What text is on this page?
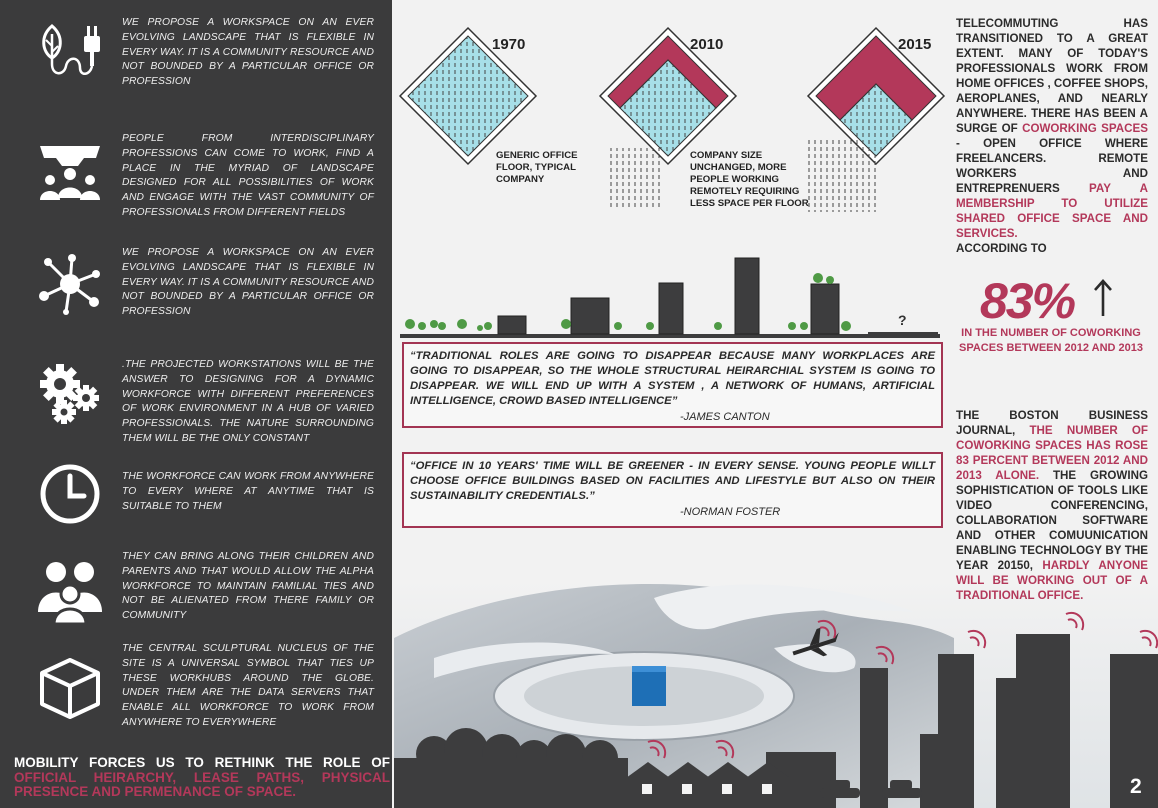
WE PROPOSE A WORKSPACE ON AN EVER EVOLVING LANDSCAPE THAT IS FLEXIBLE IN EVERY WAY. IT IS A COMMUNITY RESOURCE AND NOT BOUNDED BY A PARTICULAR OFFICE OR PROFESSION
PEOPLE FROM INTERDISCIPLINARY PROFESSIONS CAN COME TO WORK, FIND A PLACE IN THE MYRIAD OF LANDSCAPE DESIGNED FOR ALL POSSIBILITIES OF WORK AND ENGAGE WITH THE VAST COMMUNITY OF PROFESSIONALS FROM DIFFERENT FIELDS
WE PROPOSE A WORKSPACE ON AN EVER EVOLVING LANDSCAPE THAT IS FLEXIBLE IN EVERY WAY. IT IS A COMMUNITY RESOURCE AND NOT BOUNDED BY A PARTICULAR OFFICE OR PROFESSION
.THE PROJECTED WORKSTATIONS WILL BE THE ANSWER TO DESIGNING FOR A DYNAMIC WORKFORCE WITH DIFFERENT PREFERENCES OF WORK ENVIRONMENT IN A HUB OF VARIED PROFESSIONALS. THE NATURE SURROUNDING THEM WILL BE THE ONLY CONSTANT
THE WORKFORCE CAN WORK FROM ANYWHERE TO EVERY WHERE AT ANYTIME THAT IS SUITABLE TO THEM
THEY CAN BRING ALONG THEIR CHILDREN AND PARENTS AND THAT WOULD ALLOW THE ALPHA WORKFORCE TO MAINTAIN FAMILIAL TIES AND NOT BE ALIENATED FROM THERE FAMILY OR COMMUNITY
THE CENTRAL SCULPTURAL NUCLEUS OF THE SITE IS A UNIVERSAL SYMBOL THAT TIES UP THESE WORKHUBS AROUND THE GLOBE. UNDER THEM ARE THE DATA SERVERS THAT ENABLE ALL WORKFORCE TO WORK FROM ANYWHERE TO EVERYWHERE
MOBILITY FORCES US TO RETHINK THE ROLE OF OFFICIAL HEIRARCHY, LEASE PATHS, PHYSICAL PRESENCE AND PERMENANCE OF SPACE.
1970	2010	2015
GENERIC OFFICE FLOOR, TYPICAL COMPANY
COMPANY SIZE UNCHANGED, MORE PEOPLE WORKING REMOTELY REQUIRING LESS SPACE PER FLOOR
?
“TRADITIONAL ROLES ARE GOING TO DISAPPEAR BECAUSE MANY WORKPLACES ARE GOING TO DISAPPEAR, SO THE WHOLE STRUCTURAL HEIRARCHIAL SYSTEM IS GOING TO DISAPPEAR. WE WILL END UP WITH A SYSTEM , A NETWORK OF HUMANS, ARTIFICIAL INTELLIGENCE, CROWD BASED INTELLIGENCE”
-JAMES CANTON
“OFFICE IN 10 YEARS' TIME WILL BE GREENER - IN EVERY SENSE. YOUNG PEOPLE WILLT CHOOSE OFFICE BUILDINGS BASED ON FACILITIES AND LIFESTYLE BUT ALSO ON THEIR SUSTAINABILITY CREDENTIALS.”
-NORMAN FOSTER
TELECOMMUTING HAS TRANSITIONED TO A GREAT EXTENT. MANY OF TODAY'S PROFESSIONALS WORK FROM HOME OFFICES , COFFEE SHOPS, AEROPLANES, AND NEARLY ANYWHERE. THERE HAS BEEN A SURGE OF COWORKING SPACES - OPEN OFFICE WHERE FREELANCERS. REMOTE WORKERS AND ENTREPRENUERS	PAY A MEMBERSHIP TO UTILIZE SHARED OFFICE SPACE AND SERVICES.
ACCORDING TO
83%
IN THE NUMBER OF COWORKING SPACES BETWEEN 2012 AND 2013
THE BOSTON BUSINESS JOURNAL, THE NUMBER OF COWORKING SPACES HAS ROSE 83 PERCENT BETWEEN 2012 AND 2013 ALONE. THE GROWING SOPHISTICATION OF TOOLS LIKE VIDEO CONFERENCING, COLLABORATION SOFTWARE AND OTHER COMUUNICATION ENABLING TECHNOLOGY BY THE YEAR 20150, HARDLY ANYONE WILL BE WORKING OUT OF A TRADITIONAL OFFICE.
2
